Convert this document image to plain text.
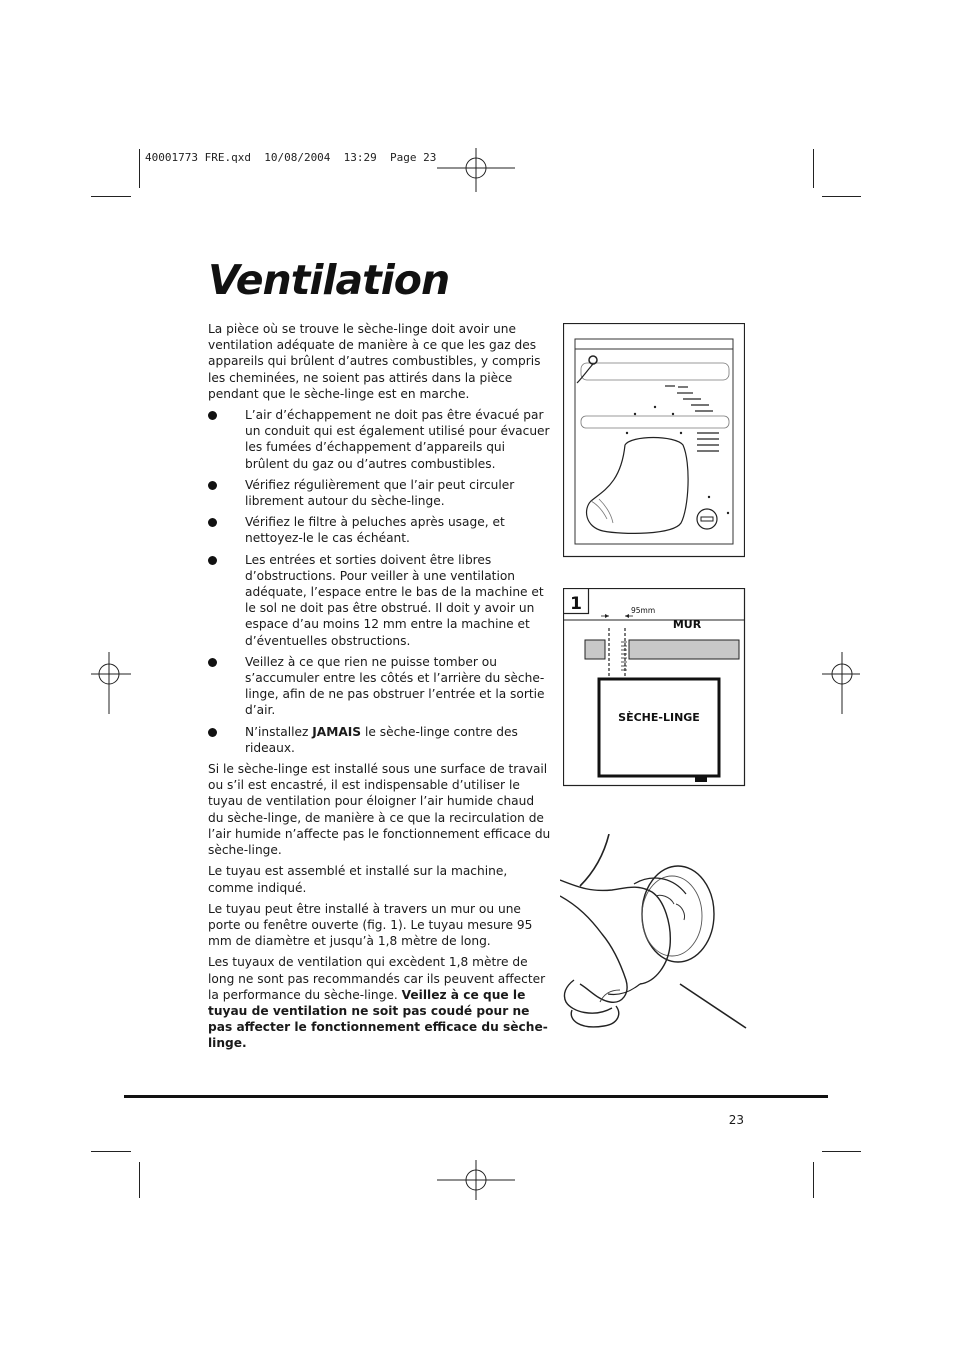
40001773 FRE.qxd  10/08/2004  13:29  Page 23
Ventilation

La pièce où se trouve le sèche-linge doit avoir une ventilation adéquate de manière à ce que les gaz des appareils qui brûlent d’autres combustibles, y compris les cheminées, ne soient pas attirés dans la pièce pendant que le sèche-linge est en marche.

L’air d’échappement ne doit pas être évacué par un conduit qui est également utilisé pour évacuer les fumées d’échappement d’appareils qui brûlent du gaz ou d’autres combustibles.
Vérifiez régulièrement que l’air peut circuler librement autour du sèche-linge.
Vérifiez le filtre à peluches après usage, et nettoyez-le le cas échéant.
Les entrées et sorties doivent être libres d’obstructions. Pour veiller à une ventilation adéquate, l’espace entre le bas de la machine et le sol ne doit pas être obstrué. Il doit y avoir un espace d’au moins 12 mm entre la machine et d’éventuelles obstructions.
Veillez à ce que rien ne puisse tomber ou s’accumuler entre les côtés et l’arrière du sèche-linge, afin de ne pas obstruer l’entrée et la sortie d’air.
N’installez JAMAIS le sèche-linge contre des rideaux.

Si le sèche-linge est installé sous une surface de travail ou s’il est encastré, il est indispensable d’utiliser le tuyau de ventilation pour éloigner l’air humide chaud du sèche-linge, de manière à ce que la recirculation de l’air humide n’affecte pas le fonctionnement efficace du sèche-linge.

Le tuyau est assemblé et installé sur la machine, comme indiqué.

Le tuyau peut être installé à travers un mur ou une porte ou fenêtre ouverte (fig. 1). Le tuyau mesure 95 mm de diamètre et jusqu’à 1,8 mètre de long.

Les tuyaux de ventilation qui excèdent 1,8 mètre de long ne sont pas recommandés car ils peuvent affecter la performance du sèche-linge. Veillez à ce que le tuyau de ventilation ne soit pas coudé pour ne pas affecter le fonctionnement efficace du sèche-linge.

1	95mm
MUR
SÈCHE-LINGE
23
